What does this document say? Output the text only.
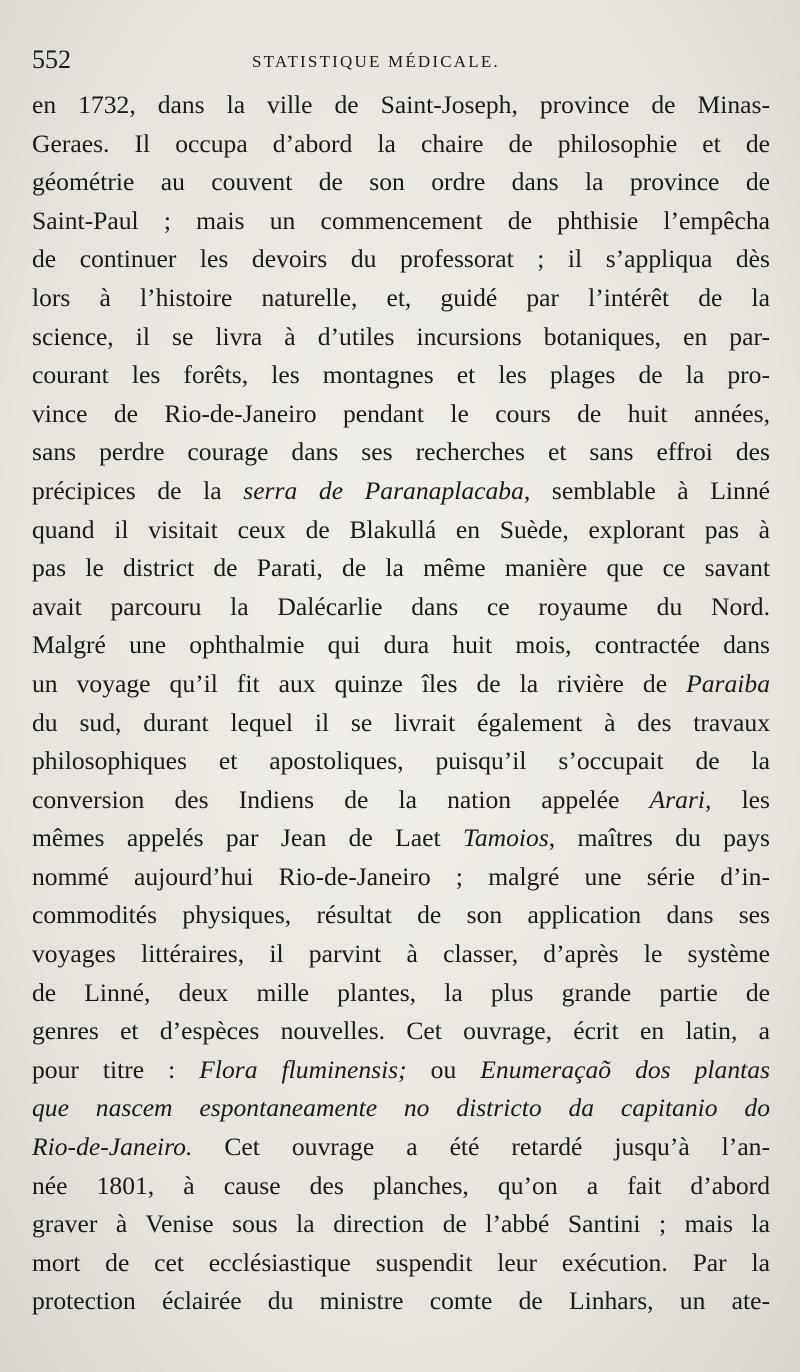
552	STATISTIQUE MÉDICALE.
en 1732, dans la ville de Saint-Joseph, province de Minas-
Geraes. Il occupa d’abord la chaire de philosophie et de
géométrie au couvent de son ordre dans la province de
Saint-Paul ; mais un commencement de phthisie l’empêcha
de continuer les devoirs du professorat ; il s’appliqua dès
lors à l’histoire naturelle, et, guidé par l’intérêt de la
science, il se livra à d’utiles incursions botaniques, en par-
courant les forêts, les montagnes et les plages de la pro-
vince de Rio-de-Janeiro pendant le cours de huit années,
sans perdre courage dans ses recherches et sans effroi des
précipices de la serra de Paranaplacaba, semblable à Linné
quand il visitait ceux de Blakullá en Suède, explorant pas à
pas le district de Parati, de la même manière que ce savant
avait parcouru la Dalécarlie dans ce royaume du Nord.
Malgré une ophthalmie qui dura huit mois, contractée dans
un voyage qu’il fit aux quinze îles de la rivière de Paraiba
du sud, durant lequel il se livrait également à des travaux
philosophiques et apostoliques, puisqu’il s’occupait de la
conversion des Indiens de la nation appelée Arari, les
mêmes appelés par Jean de Laet Tamoios, maîtres du pays
nommé aujourd’hui Rio-de-Janeiro ; malgré une série d’in-
commodités physiques, résultat de son application dans ses
voyages littéraires, il parvint à classer, d’après le système
de Linné, deux mille plantes, la plus grande partie de
genres et d’espèces nouvelles. Cet ouvrage, écrit en latin, a
pour titre : Flora fluminensis; ou Enumeraçaõ dos plantas
que nascem espontaneamente no districto da capitanio do
Rio-de-Janeiro. Cet ouvrage a été retardé jusqu’à l’an-
née 1801, à cause des planches, qu’on a fait d’abord
graver à Venise sous la direction de l’abbé Santini ; mais la
mort de cet ecclésiastique suspendit leur exécution. Par la
protection éclairée du ministre comte de Linhars, un ate-
